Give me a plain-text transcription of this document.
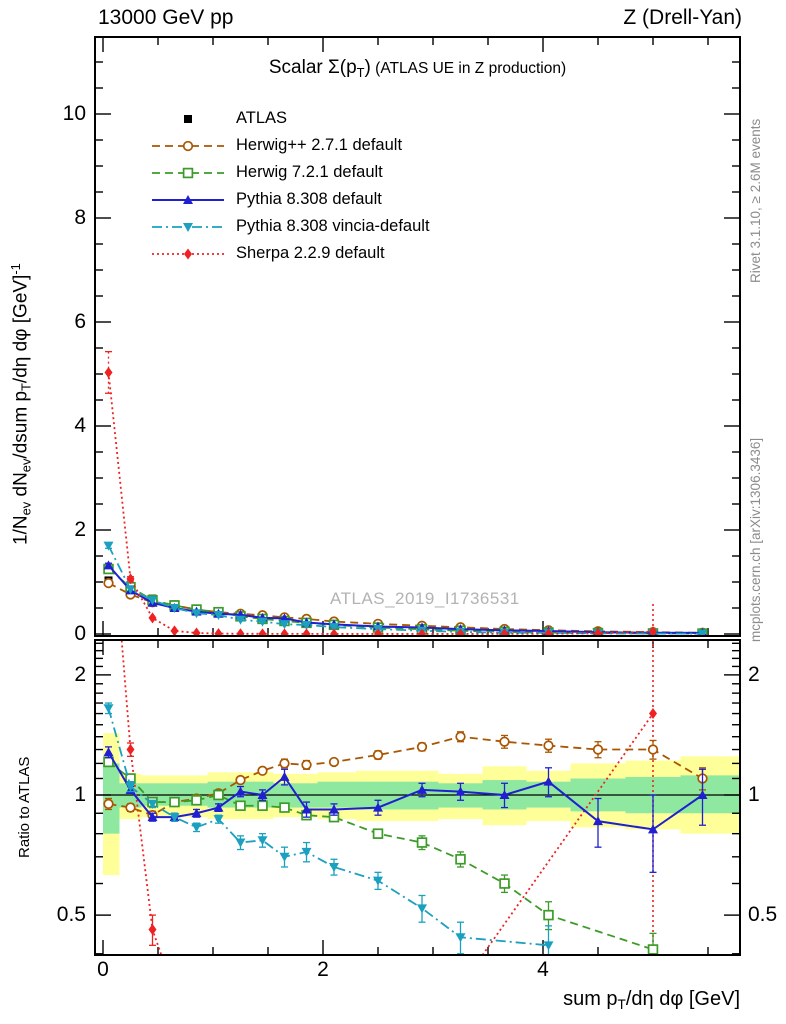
13000 GeV pp	Z (Drell-Yan)
Scalar $\Sigma(p_T)$ (ATLAS UE in Z production)
$1/N_{ev}$ $dN_{ev}$/dsum $p_T/d\eta$ dφ [GeV]$^{-1}$
Ratio to ATLAS
Rivet 3.1.10, ≥ 2.6M events
mcplots.cern.ch [arXiv:1306.3436]
ATLAS_2019_I1736531
sum $p_T/d\eta$ dφ [GeV]
ATLAS
Herwig++ 2.7.1 default
Herwig 7.2.1 default
Pythia 8.308 default
Pythia 8.308 vincia-default
Sherpa 2.2.9 default
0
2
4
6
8
10
2	2
1	1
0.5	0.5
0	2	4
